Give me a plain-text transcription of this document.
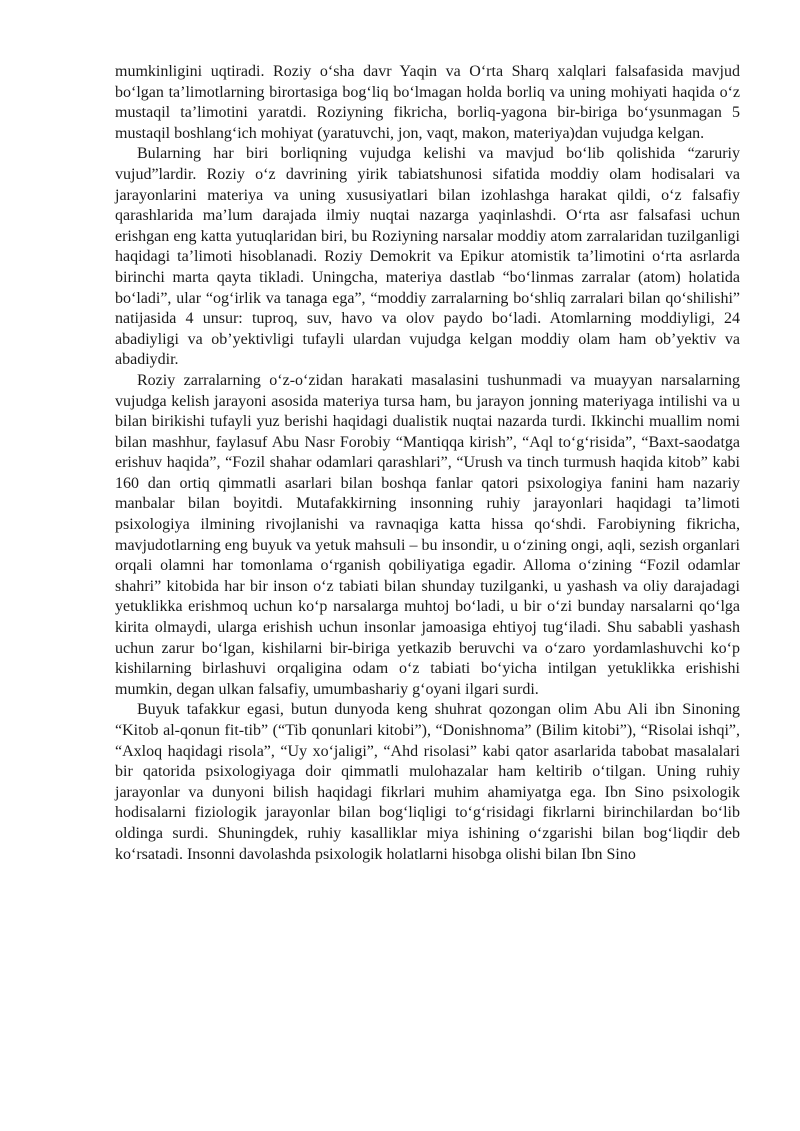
mumkinligini uqtiradi. Roziy o‘sha davr Yaqin va O‘rta Sharq xalqlari falsafasida mavjud bo‘lgan ta’limotlarning birortasiga bog‘liq bo‘lmagan holda borliq va uning mohiyati haqida o‘z mustaqil ta’limotini yaratdi. Roziyning fikricha, borliq-yagona bir-biriga bo‘ysunmagan 5 mustaqil boshlang‘ich mohiyat (yaratuvchi, jon, vaqt, makon, materiya)dan vujudga kelgan.

Bularning har biri borliqning vujudga kelishi va mavjud bo‘lib qolishida “zaruriy vujud”lardir. Roziy o‘z davrining yirik tabiatshunosi sifatida moddiy olam hodisalari va jarayonlarini materiya va uning xususiyatlari bilan izohlashga harakat qildi, o‘z falsafiy qarashlarida ma’lum darajada ilmiy nuqtai nazarga yaqinlashdi. O‘rta asr falsafasi uchun erishgan eng katta yutuqlaridan biri, bu Roziyning narsalar moddiy atom zarralaridan tuzilganligi haqidagi ta’limoti hisoblanadi. Roziy Demokrit va Epikur atomistik ta’limotini o‘rta asrlarda birinchi marta qayta tikladi. Uningcha, materiya dastlab “bo‘linmas zarralar (atom) holatida bo‘ladi”, ular “og‘irlik va tanaga ega”, “moddiy zarralarning bo‘shliq zarralari bilan qo‘shilishi” natijasida 4 unsur: tuproq, suv, havo va olov paydo bo‘ladi. Atomlarning moddiyligi, 24 abadiyligi va ob’yektivligi tufayli ulardan vujudga kelgan moddiy olam ham ob’yektiv va abadiydir.

Roziy zarralarning o‘z-o‘zidan harakati masalasini tushunmadi va muayyan narsalarning vujudga kelish jarayoni asosida materiya tursa ham, bu jarayon jonning materiyaga intilishi va u bilan birikishi tufayli yuz berishi haqidagi dualistik nuqtai nazarda turdi. Ikkinchi muallim nomi bilan mashhur, faylasuf Abu Nasr Forobiy “Mantiqqa kirish”, “Aql to‘g‘risida”, “Baxt-saodatga erishuv haqida”, “Fozil shahar odamlari qarashlari”, “Urush va tinch turmush haqida kitob” kabi 160 dan ortiq qimmatli asarlari bilan boshqa fanlar qatori psixologiya fanini ham nazariy manbalar bilan boyitdi. Mutafakkirning insonning ruhiy jarayonlari haqidagi ta’limoti psixologiya ilmining rivojlanishi va ravnaqiga katta hissa qo‘shdi. Farobiyning fikricha, mavjudotlarning eng buyuk va yetuk mahsuli – bu insondir, u o‘zining ongi, aqli, sezish organlari orqali olamni har tomonlama o‘rganish qobiliyatiga egadir. Alloma o‘zining “Fozil odamlar shahri” kitobida har bir inson o‘z tabiati bilan shunday tuzilganki, u yashash va oliy darajadagi yetuklikka erishmoq uchun ko‘p narsalarga muhtoj bo‘ladi, u bir o‘zi bunday narsalarni qo‘lga kirita olmaydi, ularga erishish uchun insonlar jamoasiga ehtiyoj tug‘iladi. Shu sababli yashash uchun zarur bo‘lgan, kishilarni bir-biriga yetkazib beruvchi va o‘zaro yordamlashuvchi ko‘p kishilarning birlashuvi orqaligina odam o‘z tabiati bo‘yicha intilgan yetuklikka erishishi mumkin, degan ulkan falsafiy, umumbashariy g‘oyani ilgari surdi.

Buyuk tafakkur egasi, butun dunyoda keng shuhrat qozongan olim Abu Ali ibn Sinoning “Kitob al-qonun fit-tib” (“Tib qonunlari kitobi”), “Donishnoma” (Bilim kitobi”), “Risolai ishqi”, “Axloq haqidagi risola”, “Uy xo‘jaligi”, “Ahd risolasi” kabi qator asarlarida tabobat masalalari bir qatorida psixologiyaga doir qimmatli mulohazalar ham keltirib o‘tilgan. Uning ruhiy jarayonlar va dunyoni bilish haqidagi fikrlari muhim ahamiyatga ega. Ibn Sino psixologik hodisalarni fiziologik jarayonlar bilan bog‘liqligi to‘g‘risidagi fikrlarni birinchilardan bo‘lib oldinga surdi. Shuningdek, ruhiy kasalliklar miya ishining o‘zgarishi bilan bog‘liqdir deb ko‘rsatadi. Insonni davolashda psixologik holatlarni hisobga olishi bilan Ibn Sino
